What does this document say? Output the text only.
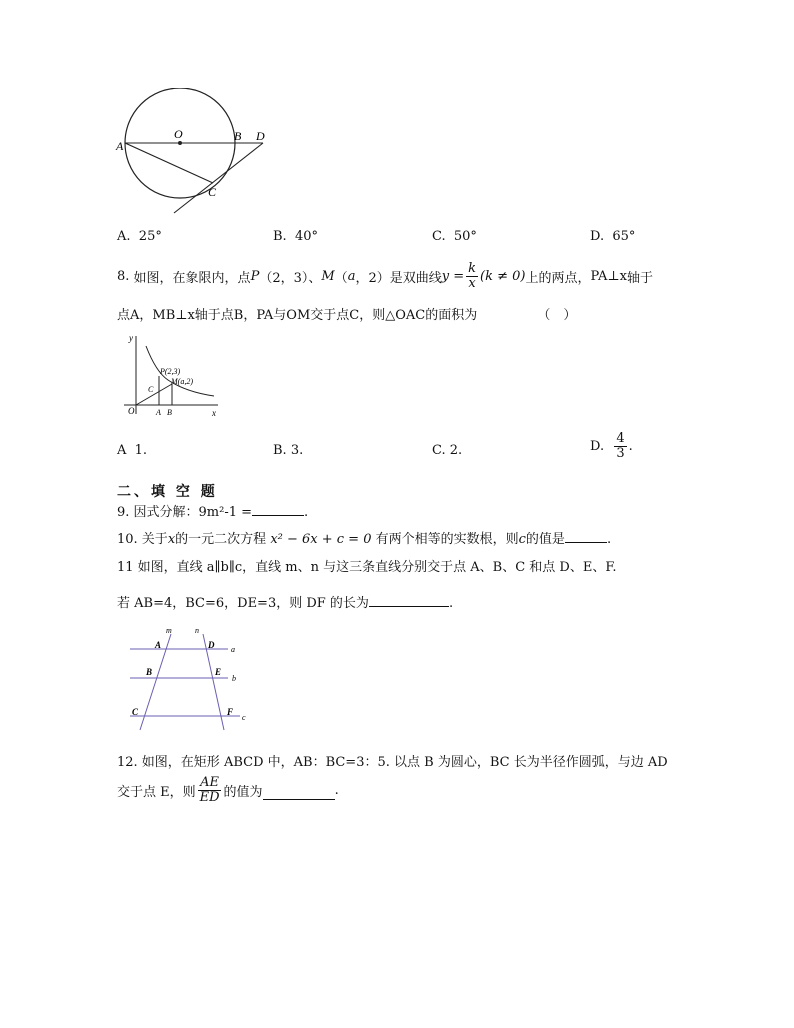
O
A
B D
C
A. 25°	B. 40°	C. 50°	D. 65°
8.
如图，在象限内，点 P （2，3）、 M （ a ，2）是双曲线 $y = \frac{k}{x} (k \ne 0)$ 上的两点， PA⊥x 轴于
点A，MB⊥x轴于点B，PA与OM交于点C，则△OAC的面积为	（　）
y
x
O	A B
C
P(2,3)
M(a,2)
A 1.	B. 3.	C. 2.	D.
$\frac{4}{3}$ .
二、填 空 题
9. 因式分解：9m²-1 =	.
10. 关于x的一元二次方程 x² − 6x + c = 0 有两个相等的实数根，则c的值是	.
11 如图，直线 a∥b∥c，直线 m、n 与这三条直线分别交于点 A、B、C 和点 D、E、F.
若 AB=4，BC=6，DE=3，则 DF 的长为	.
m	n
A	D a
B	E
b
C	F
c
12. 如图，在矩形 ABCD 中，AB：BC=3：5. 以点 B 为圆心，BC 长为半径作圆弧，与边 AD
交于点 E，则 $\frac{AE}{ED}$ 的值为	.
